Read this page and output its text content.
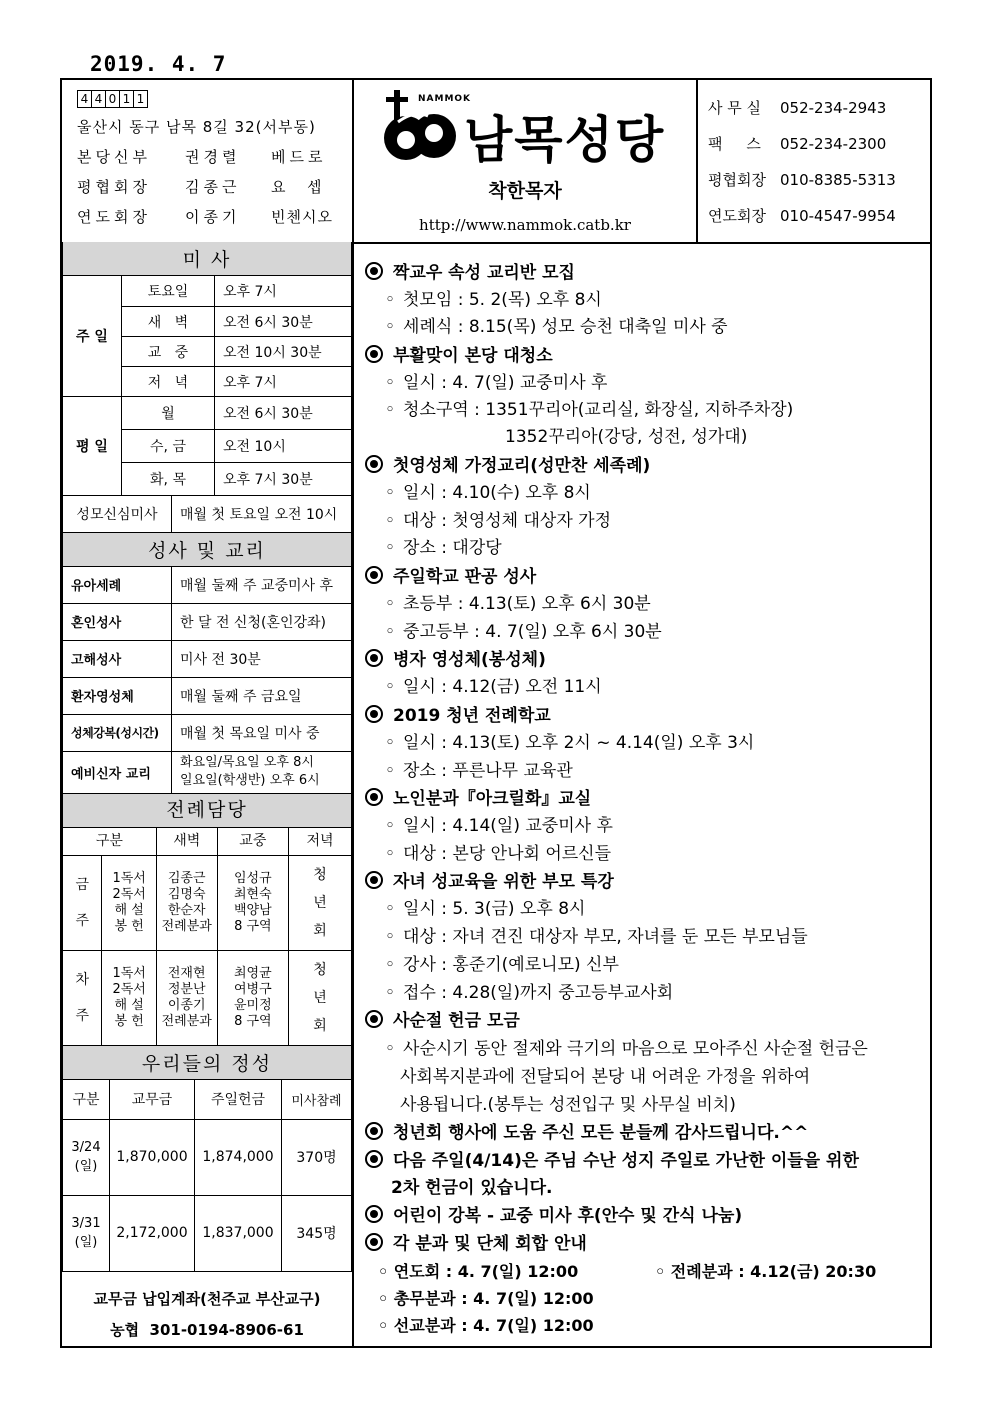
2019. 4. 7
4 4 0 1 1
울산시 동구 남목 8길 32(서부동)
본당신부 권경렬 베드로
평협회장 김종근 요  셉
연도회장 이종기 빈첸시오
NAMMOK
남목성당
착한목자
http://www.nammok.catb.kr
사 무 실 052-234-2943
팩     스 052-234-2300
평협회장 010-8385-5313
연도회장 010-4547-9954
미 사		
주 일	토요일	오후 7시
	새   벽	오전 6시 30분
	교   중	오전 10시 30분
	저   녁	오후 7시
평 일	월	오전 6시 30분
	수, 금	오전 10시
	화, 목	오후 7시 30분
성모신심미사	매월 첫 토요일 오전 10시
성사 및 교리	
유아세례	매월 둘째 주 교중미사 후
혼인성사	한 달 전 신청(혼인강좌)
고해성사	미사 전 30분
환자영성체	매월 둘째 주 금요일
성체강복(성시간)	매월 첫 목요일 미사 중
예비신자 교리	화요일/목요일 오후 8시
일요일(학생반) 오후 6시
전례담당				
구분		새벽	교중	저녁
금

주	1독서
2독서
해 설
봉 헌	김종근
김명숙
한순자
전례분과	임성규
최현숙
백양남
8 구역	청
년
회
차

주	1독서
2독서
해 설
봉 헌	전재현
정분난
이종기
전례분과	최영균
여병구
윤미정
8 구역	청
년
회
우리들의 정성			
구분	교무금	주일헌금	미사참례
3/24
(일)	1,870,000	1,874,000	370명
3/31
(일)	2,172,000	1,837,000	345명
교무금 납입계좌(천주교 부산교구)
농협  301-0194-8906-61
짝교우 속성 교리반 모집
◦ 첫모임 : 5. 2(목) 오후 8시
◦ 세례식 : 8.15(목) 성모 승천 대축일 미사 중
부활맞이 본당 대청소
◦ 일시 : 4. 7(일) 교중미사 후
◦ 청소구역 : 1351꾸리아(교리실, 화장실, 지하주차장)
1352꾸리아(강당, 성전, 성가대)
첫영성체 가정교리(성만찬 세족례)
◦ 일시 : 4.10(수) 오후 8시
◦ 대상 : 첫영성체 대상자 가정
◦ 장소 : 대강당
주일학교 판공 성사
◦ 초등부 : 4.13(토) 오후 6시 30분
◦ 중고등부 : 4. 7(일) 오후 6시 30분
병자 영성체(봉성체)
◦ 일시 : 4.12(금) 오전 11시
2019 청년 전례학교
◦ 일시 : 4.13(토) 오후 2시 ~ 4.14(일) 오후 3시
◦ 장소 : 푸른나무 교육관
노인분과『아크릴화』교실
◦ 일시 : 4.14(일) 교중미사 후
◦ 대상 : 본당 안나회 어르신들
자녀 성교육을 위한 부모 특강
◦ 일시 : 5. 3(금) 오후 8시
◦ 대상 : 자녀 견진 대상자 부모, 자녀를 둔 모든 부모님들
◦ 강사 : 홍준기(예로니모) 신부
◦ 접수 : 4.28(일)까지 중고등부교사회
사순절 헌금 모금
◦ 사순시기 동안 절제와 극기의 마음으로 모아주신 사순절 헌금은
사회복지분과에 전달되어 본당 내 어려운 가정을 위하여
사용됩니다.(봉투는 성전입구 및 사무실 비치)
청년회 행사에 도움 주신 모든 분들께 감사드립니다.^^
다음 주일(4/14)은 주님 수난 성지 주일로 가난한 이들을 위한
2차 헌금이 있습니다.
어린이 강복 - 교중 미사 후(안수 및 간식 나눔)
각 분과 및 단체 회합 안내
◦ 연도회 : 4. 7(일) 12:00	◦ 전례분과 : 4.12(금) 20:30
◦ 총무분과 : 4. 7(일) 12:00
◦ 선교분과 : 4. 7(일) 12:00
